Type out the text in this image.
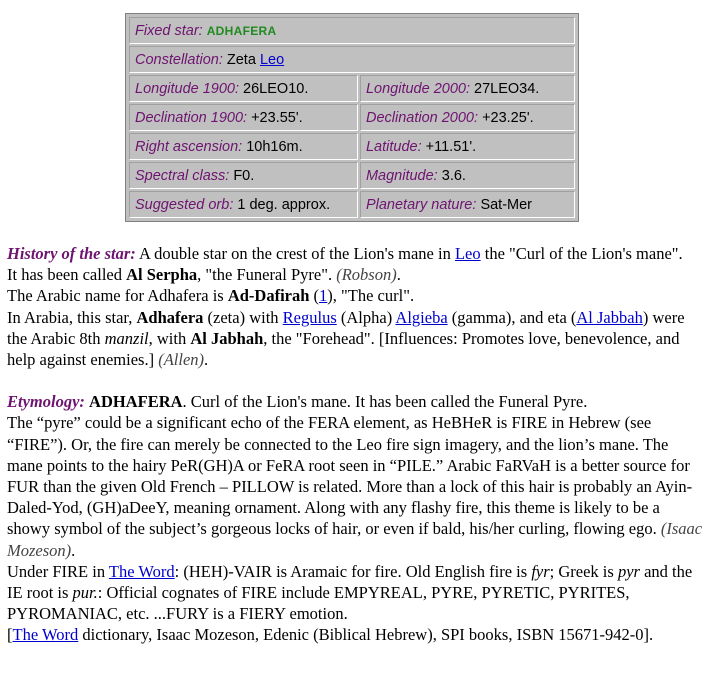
Fixed star: ADHAFERA
Constellation: Zeta Leo
Longitude 1900: 26LEO10.	Longitude 2000: 27LEO34.
Declination 1900: +23.55'.	Declination 2000: +23.25'.
Right ascension: 10h16m.	Latitude: +11.51'.
Spectral class: F0.	Magnitude: 3.6.
Suggested orb: 1 deg. approx.	Planetary nature: Sat-Mer

History of the star: A double star on the crest of the Lion's mane in Leo the "Curl of the Lion's mane".

It has been called Al Serpha, "the Funeral Pyre". (Robson).

The Arabic name for Adhafera is Ad-Dafirah (1), "The curl".

In Arabia, this star, Adhafera (zeta) with Regulus (Alpha) Algieba (gamma), and eta (Al Jabbah) were the Arabic 8th manzil, with Al Jabhah, the "Forehead". [Influences: Promotes love, benevolence, and help against enemies.] (Allen).

Etymology: ADHAFERA. Curl of the Lion's mane. It has been called the Funeral Pyre.

The “pyre” could be a significant echo of the FERA element, as HeBHeR is FIRE in Hebrew (see “FIRE”). Or, the fire can merely be connected to the Leo fire sign imagery, and the lion’s mane. The mane points to the hairy PeR(GH)A or FeRA root seen in “PILE.” Arabic FaRVaH is a better source for FUR than the given Old French – PILLOW is related. More than a lock of this hair is probably an Ayin-Daled-Yod, (GH)aDeeY, meaning ornament. Along with any flashy fire, this theme is likely to be a showy symbol of the subject’s gorgeous locks of hair, or even if bald, his/her curling, flowing ego. (Isaac Mozeson).

Under FIRE in The Word: (HEH)-VAIR is Aramaic for fire. Old English fire is fyr; Greek is pyr and the IE root is pur.: Official cognates of FIRE include EMPYREAL, PYRE, PYRETIC, PYRITES, PYROMANIAC, etc. ...FURY is a FIERY emotion.

[The Word dictionary, Isaac Mozeson, Edenic (Biblical Hebrew), SPI books, ISBN 15671-942-0].
